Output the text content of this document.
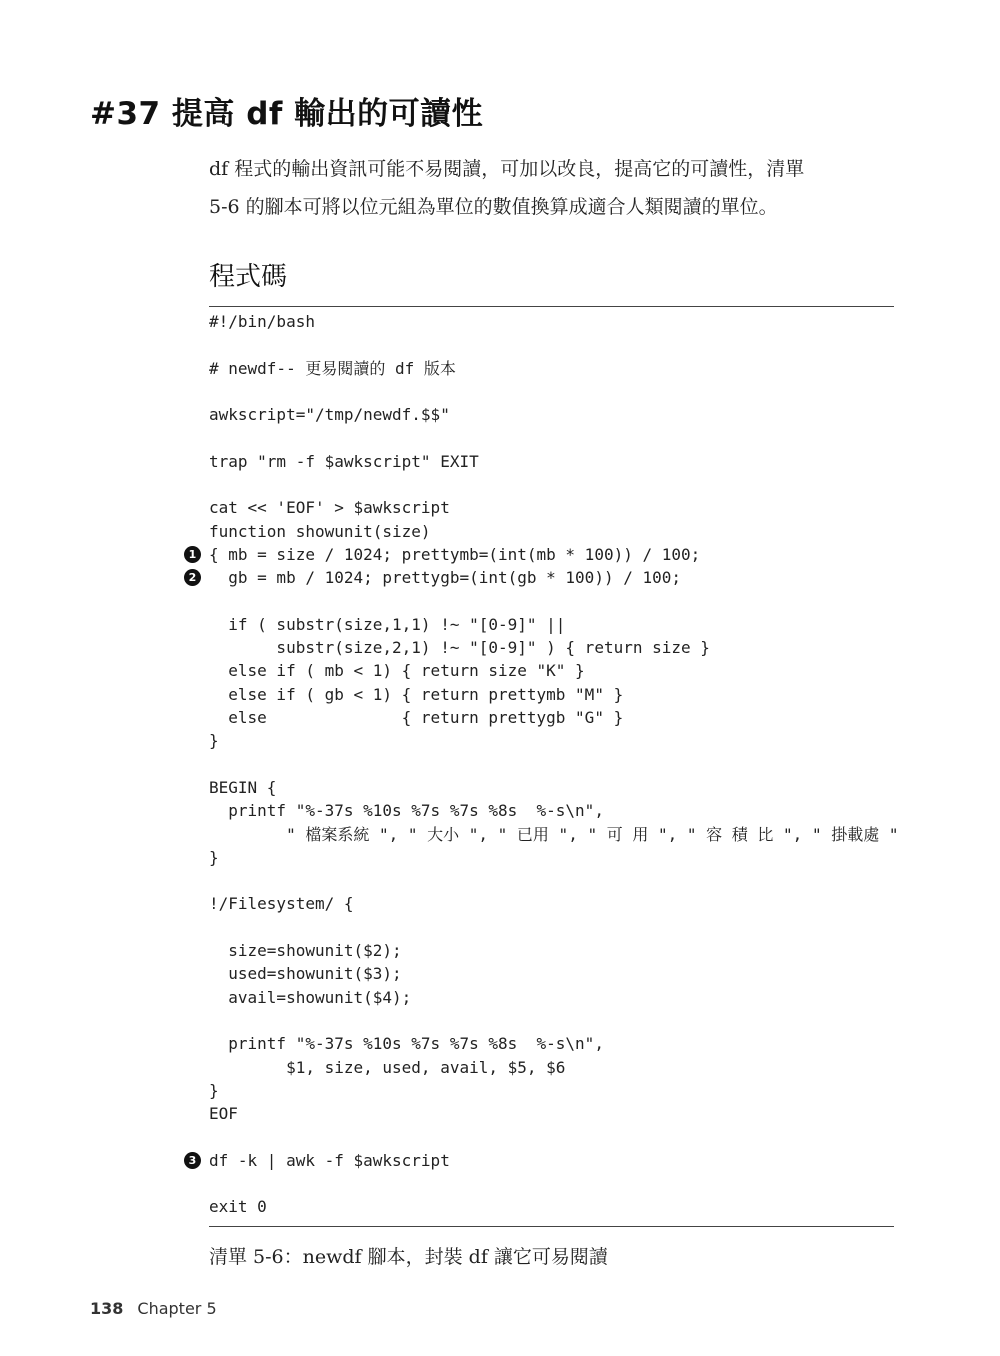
#37 提高 df 輸出的可讀性

df 程式的輸出資訊可能不易閱讀，可加以改良，提高它的可讀性，清單

5-6 的腳本可將以位元組為單位的數值換算成適合人類閱讀的單位。

程式碼
#!/bin/bash
# newdf-- 更易閱讀的 df 版本
awkscript="/tmp/newdf.$$"
trap "rm -f $awkscript" EXIT
cat << 'EOF' > $awkscript
function showunit(size)
1 { mb = size / 1024; prettymb=(int(mb * 100)) / 100;
2 gb = mb / 1024; prettygb=(int(gb * 100)) / 100;
if ( substr(size,1,1) !~ "[0-9]" ||
substr(size,2,1) !~ "[0-9]" ) { return size }
else if ( mb < 1) { return size "K" }
else if ( gb < 1) { return prettymb "M" }
else              { return prettygb "G" }
}
BEGIN {
printf "%-37s %10s %7s %7s %8s  %-s\n",
" 檔案系統 ", " 大小 ", " 已用 ", " 可 用 ", " 容 積 比 ", " 掛載處 "
}
!/Filesystem/ {
size=showunit($2);
used=showunit($3);
avail=showunit($4);
printf "%-37s %10s %7s %7s %8s  %-s\n",
$1, size, used, avail, $5, $6
}
EOF
3 df -k | awk -f $awkscript
exit 0
清單 5-6：newdf 腳本，封裝 df 讓它可易閱讀
138 Chapter 5
